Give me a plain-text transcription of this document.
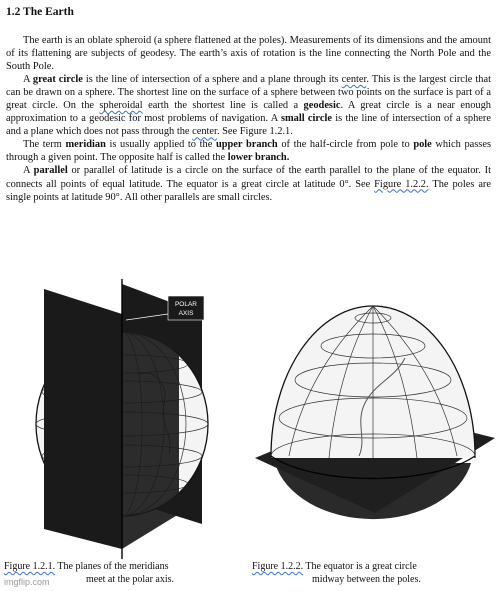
1.2 The Earth

The earth is an oblate spheroid (a sphere flattened at the poles). Measurements of its dimensions and the amount of its flattening are subjects of geodesy. The earth’s axis of rotation is the line connecting the North Pole and the South Pole.

A great circle is the line of intersection of a sphere and a plane through its center. This is the largest circle that can be drawn on a sphere. The shortest line on the surface of a sphere between two points on the surface is part of a great circle. On the spheroidal earth the shortest line is called a geodesic. A great circle is a near enough approximation to a geodesic for most problems of navigation. A small circle is the line of intersection of a sphere and a plane which does not pass through the center. See Figure 1.2.1.

The term meridian is usually applied to the upper branch of the half-circle from pole to pole which passes through a given point. The opposite half is called the lower branch.

A parallel or parallel of latitude is a circle on the surface of the earth parallel to the plane of the equator. It connects all points of equal latitude. The equator is a great circle at latitude 0°. See Figure 1.2.2. The poles are single points at latitude 90°. All other parallels are small circles.

POLAR
AXIS
Figure 1.2.1. The planes of the meridians
meet at the polar axis.
Figure 1.2.2. The equator is a great circle
midway between the poles.
imgflip.com
